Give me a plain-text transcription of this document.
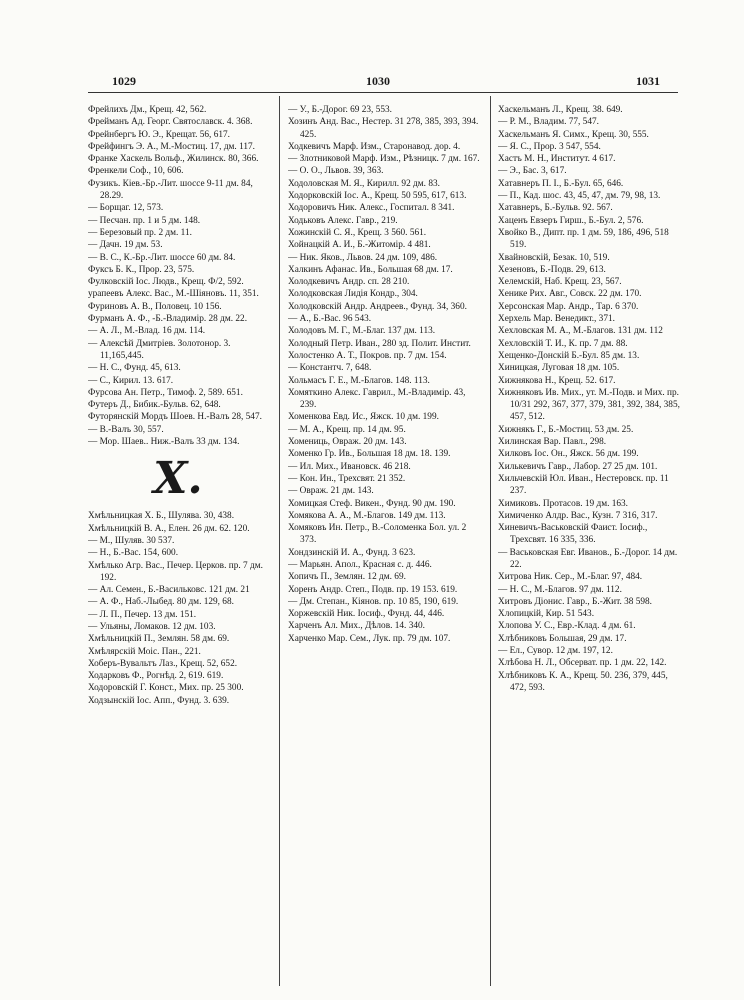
1029	1030	1031
Фрейлихъ Дм., Крещ. 42, 562.
Фрейманъ Ад. Георг. Святославск. 4. 368.
Фрейнбергъ Ю. Э., Крещат. 56, 617.
Фрейфингъ Э. А., М.-Мостиц. 17, дм. 117.
Франке Хаскель Вольф., Жилинск. 80, 366.
Френкели Соф., 10, 606.
Фузикъ. Кiев.-Бр.-Лит. шоссе 9-11 дм. 84, 28.29.
— Борщаг. 12, 573.
— Песчан. пр. 1 и 5 дм. 148.
— Березовый пр. 2 дм. 11.
— Дачн. 19 дм. 53.
— В. С., К.-Бр.-Лит. шоссе 60 дм. 84.
Фуксъ Б. К., Прор. 23, 575.
Фулковскiй Iос. Людв., Крещ. Ф/2, 592.
урапеевъ Алекс. Вас., М.-Шiяновъ. 11, 351.
Фуриновъ А. В., Половец. 10 156.
Фурманъ А. Ф., -Б.-Владимiр. 28 дм. 22.
— А. Л., М.-Влад. 16 дм. 114.
— Алексѣй Дмитрiев. Золотонор. 3. 11,165,445.
— Н. С., Фунд. 45, 613.
— С., Кирил. 13. 617.
Фурсова Ан. Петр., Тимоф. 2, 589. 651.
Футеръ Д., Бибик.-Бульв. 62, 648.
Футорянскiй Мордъ Шоев. Н.-Валъ 28, 547.
— В.-Валъ 30, 557.
— Мор. Шаев.. Ниж.-Валъ 33 дм. 134.
Х.
Хмѣльницкая Х. Б., Шулява. 30, 438.
Хмѣльницкiй В. А., Елен. 26 дм. 62. 120.
— М., Шуляв. 30 537.
— Н., Б.-Вас. 154, 600.
Хмѣлько Агр. Вас., Печер. Церков. пр. 7 дм. 192.
— Ал. Семен., Б.-Васильковс. 121 дм. 21
— А. Ф., Наб.-Лыбед. 80 дм. 129, 68.
— Л. П., Печер. 13 дм. 151.
— Ульяны, Ломаков. 12 дм. 103.
Хмѣльницкiй П., Землян. 58 дм. 69.
Хмѣлярскiй Моiс. Пан., 221.
Хоберъ-Вувальтъ Лаз., Крещ. 52, 652.
Ходарковъ Ф., Рогнѣд. 2, 619. 619.
Ходоровскiй Г. Конст., Мих. пр. 25 300.
Ходзынскiй Iос. Апп., Фунд. 3. 639.
— У., Б.-Дорог. 69 23, 553.
Хозинъ Анд. Вас., Нестер. 31 278, 385, 393, 394. 425.
Ходкевичъ Марф. Изм., Старонавод. дор. 4.
— Злотниковой Марф. Изм., Рѣзницк. 7 дм. 167.
— О. О., Львов. 39, 363.
Ходоловская М. Я., Кирилл. 92 дм. 83.
Ходорковскiй Iос. А., Крещ. 50 595, 617, 613.
Ходоровичъ Ник. Алекс., Госпитал. 8 341.
Ходьковъ Алекс. Гавр., 219.
Хожинскiй С. Я., Крещ. 3 560. 561.
Хойнацкiй А. И., Б.-Житомiр. 4 481.
— Ник. Яков., Львов. 24 дм. 109, 486.
Халкинъ Афанас. Ив., Большая 68 дм. 17.
Холодкевичъ Андр. сп. 28 210.
Холодковская Лидiя Кондр., 304.
Холодковскiй Андр. Андреев., Фунд. 34, 360.
— А., Б.-Вас. 96 543.
Холодовъ М. Г., М.-Благ. 137 дм. 113.
Холодный Петр. Иван., 280 зд. Полит. Инстит.
Холостенко А. Т., Покров. пр. 7 дм. 154.
— Константч. 7, 648.
Хольмасъ Г. Е., М.-Благов. 148. 113.
Хомяткино Алекс. Гаврил., М.-Владимiр. 43, 239.
Хоменкова Евд. Ис., Яжск. 10 дм. 199.
— М. А., Крещ. пр. 14 дм. 95.
Хомениць, Овраж. 20 дм. 143.
Хоменко Гр. Ив., Большая 18 дм. 18. 139.
— Ил. Мих., Ивановск. 46 218.
— Кон. Ин., Трехсвят. 21 352.
— Овраж. 21 дм. 143.
Хомицкая Стеф. Викен., Фунд. 90 дм. 190.
Хомякова А. А., М.-Благов. 149 дм. 113.
Хомяковъ Ин. Петр., В.-Соломенка Бол. ул. 2 373.
Хондзинскiй И. А., Фунд. 3 623.
— Марьян. Апол., Красная с. д. 446.
Хопичъ П., Землян. 12 дм. 69.
Хоренъ Андр. Степ., Подв. пр. 19 153. 619.
— Дм. Степан., Кiянов. пр. 10 85, 190, 619.
Хоржевскiй Ник. Iосиф., Фунд. 44, 446.
Харченъ Ал. Мих., Дѣлов. 14. 340.
Харченко Мар. Сем., Лук. пр. 79 дм. 107.
Хаскельманъ Л., Крещ. 38. 649.
— Р. М., Владим. 77, 547.
Хаскельманъ Я. Симх., Крещ. 30, 555.
— Я. С., Прор. 3 547, 554.
Хастъ М. Н., Институт. 4 617.
— Э., Бас. 3, 617.
Хатавнеръ П. I., Б.-Бул. 65, 646.
— П., Кад. шос. 43, 45, 47, дм. 79, 98, 13.
Хатавнеръ, Б.-Бульв. 92. 567.
Хаценъ Евзеръ Гирш., Б.-Бул. 2, 576.
Хвойко В., Дипт. пр. 1 дм. 59, 186, 496, 518 519.
Хвайновскiй, Безак. 10, 519.
Хезеновъ, Б.-Подв. 29, 613.
Хелемскiй, Наб. Крещ. 23, 567.
Хенике Рих. Авг., Совск. 22 дм. 170.
Херсонская Мар. Андр., Тар. 6 370.
Херхель Мар. Венедикт., 371.
Хехловская М. А., М.-Благов. 131 дм. 112
Хехловскiй Т. И., К. пр. 7 дм. 88.
Хещенко-Донскiй Б.-Бул. 85 дм. 13.
Хиницкая, Луговая 18 дм. 105.
Хижнякова Н., Крещ. 52. 617.
Хижняковъ Ив. Мих., ут. М.-Подв. и Мих. пр. 10/31 292, 367, 377, 379, 381, 392, 384, 385, 457, 512.
Хижнякъ Г., Б.-Мостиц. 53 дм. 25.
Хилинская Вар. Павл., 298.
Хилковъ Iос. Он., Яжск. 56 дм. 199.
Хилькевичъ Гавр., Лабор. 27 25 дм. 101.
Хильчевскiй Юл. Иван., Нестеровск. пр. 11 237.
Химиковъ. Протасов. 19 дм. 163.
Химиченко Алдр. Вас., Кузн. 7 316, 317.
Хиневичъ-Васьковскiй Фаист. Iосиф., Трехсвят. 16 335, 336.
— Васьковская Евг. Иванов., Б.-Дорог. 14 дм. 22.
Хитрова Ник. Сер., М.-Благ. 97, 484.
— Н. С., М.-Благов. 97 дм. 112.
Хитровъ Дiонис. Гавр., Б.-Жит. 38 598.
Хлопицкiй, Кир. 51 543.
Хлопова У. С., Евр.-Клад. 4 дм. 61.
Хлѣбниковъ Большая, 29 дм. 17.
— Ел., Сувор. 12 дм. 197, 12.
Хлѣбова Н. Л., Обсерват. пр. 1 дм. 22, 142.
Хлѣбниковъ К. А., Крещ. 50. 236, 379, 445, 472, 593.
